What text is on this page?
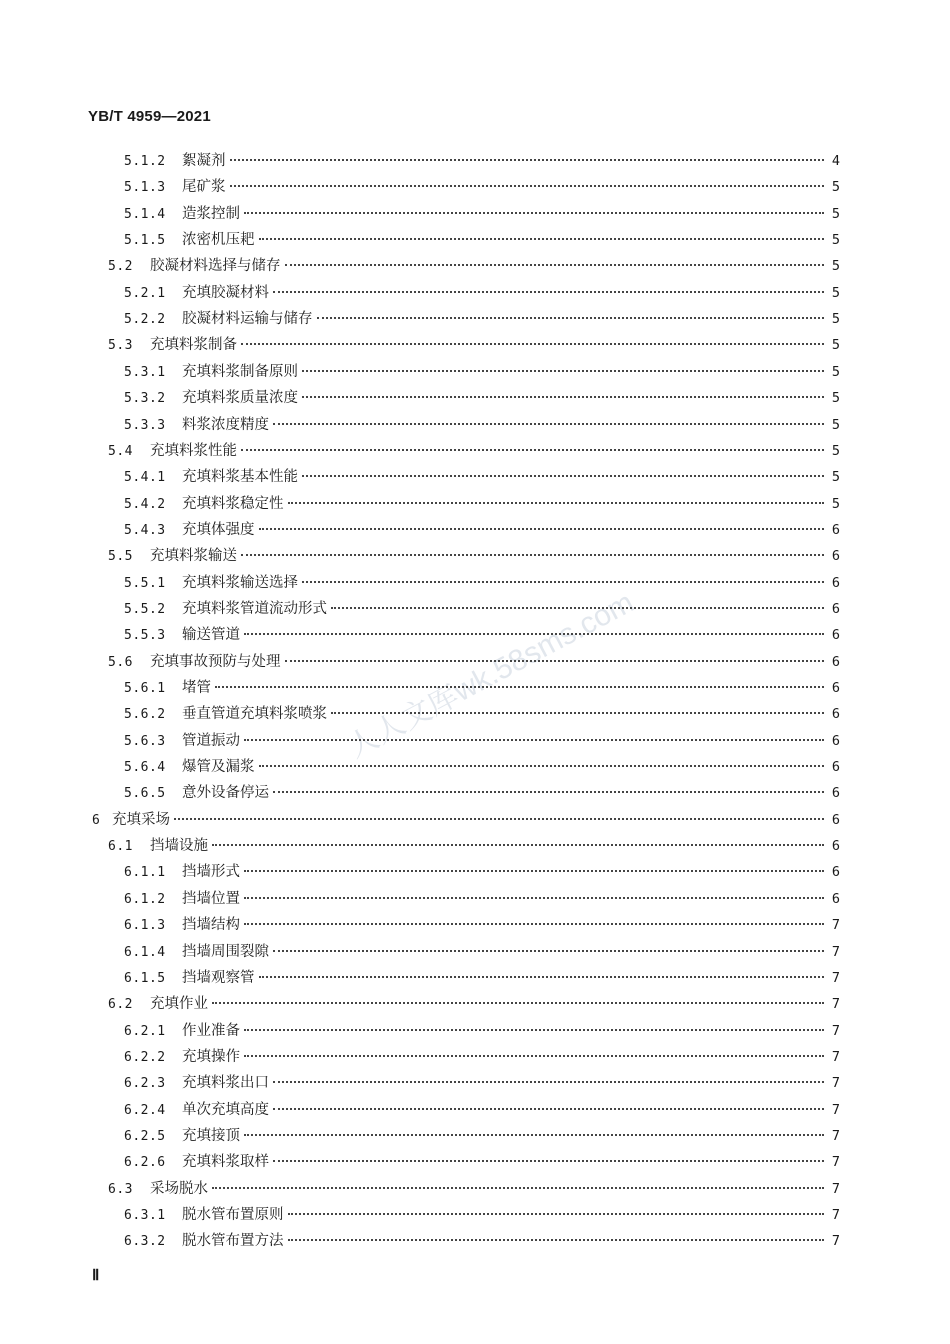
YB/T 4959—2021
人人文库wk.58sms.com
5.1.2	絮凝剂	4
5.1.3	尾矿浆	5
5.1.4	造浆控制	5
5.1.5	浓密机压耙	5
5.2	胶凝材料选择与储存	5
5.2.1	充填胶凝材料	5
5.2.2	胶凝材料运输与储存	5
5.3	充填料浆制备	5
5.3.1	充填料浆制备原则	5
5.3.2	充填料浆质量浓度	5
5.3.3	料浆浓度精度	5
5.4	充填料浆性能	5
5.4.1	充填料浆基本性能	5
5.4.2	充填料浆稳定性	5
5.4.3	充填体强度	6
5.5	充填料浆输送	6
5.5.1	充填料浆输送选择	6
5.5.2	充填料浆管道流动形式	6
5.5.3	输送管道	6
5.6	充填事故预防与处理	6
5.6.1	堵管	6
5.6.2	垂直管道充填料浆喷浆	6
5.6.3	管道振动	6
5.6.4	爆管及漏浆	6
5.6.5	意外设备停运	6
6 充填采场	6
6.1	挡墙设施	6
6.1.1	挡墙形式	6
6.1.2	挡墙位置	6
6.1.3	挡墙结构	7
6.1.4	挡墙周围裂隙	7
6.1.5	挡墙观察管	7
6.2	充填作业	7
6.2.1	作业准备	7
6.2.2	充填操作	7
6.2.3	充填料浆出口	7
6.2.4	单次充填高度	7
6.2.5	充填接顶	7
6.2.6	充填料浆取样	7
6.3	采场脱水	7
6.3.1	脱水管布置原则	7
6.3.2	脱水管布置方法	7
Ⅱ
